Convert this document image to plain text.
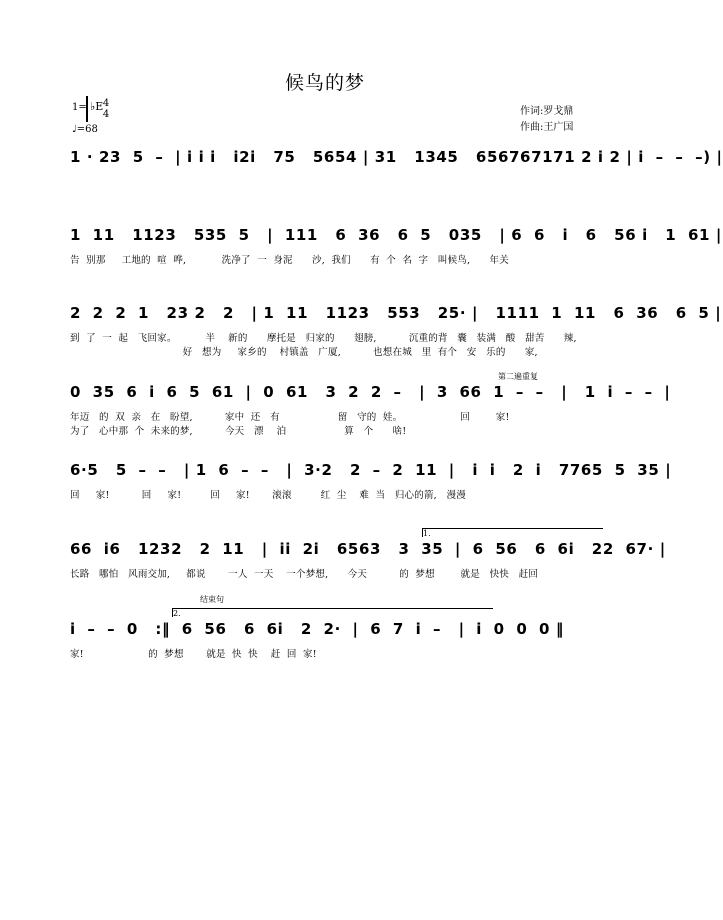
候鸟的梦
1= ♭E 4
4
♩=68
作词:罗戈鼎
作曲:王广国
1 · 23  5  –  | i i i   i2i   75   5654 | 31   1345   656767171 2 i 2 | i  –  –  –) |
1  11   1123   535  5   |  111   6  36   6  5   035   | 6  6   i   6   56 i   1  61 |
告  别那     工地的  喧  哗,           洗净了  一  身泥      沙,  我们      有  个  名  字   叫候鸟,      年关
2  2  2  1   23 2   2   | 1  11   1123   553   25· |   1111  1  11   6  36   6  5 |
到  了  一  起   飞回家。         半    新的      摩托是   归家的      翅膀,          沉重的背   囊   装满   酸   甜苦      辣,
好   想为     家乡的    村镇盖   广厦,          也想在城   里  有个   安   乐的      家,
0  35  6  i  6  5  61  |  0  61   3  2  2  –   |  3  66  1  –  –   |   1  i  –  –  |
年迈   的  双  亲   在   盼望,          家中  还   有                  留   守的  娃。                  回        家!
为了   心中那  个  未来的梦,          今天   漂    泊                  算   个      啥!
第二遍重复
6·5   5  –  –   | 1  6  –  –   |  3·2   2  –  2  11  |   i  i   2  i   7765  5  35 |
回     家!          回     家!         回     家!       滚滚         红  尘    难  当   归心的箭,   漫漫
66  i6   1232   2  11   |  ii  2i   6563   3  35  |  6  56   6  6i   22  67· |
长路   哪怕   风雨交加,     都说       一人  一天    一个梦想,      今天          的  梦想        就是   快快   赶回
1.
i  –  –  0   :‖  6  56   6  6i   2  2·  |  6  7  i  –   |  i  0  0  0 ‖
家!                    的  梦想       就是  快  快    赶  回  家!
2.
结束句
